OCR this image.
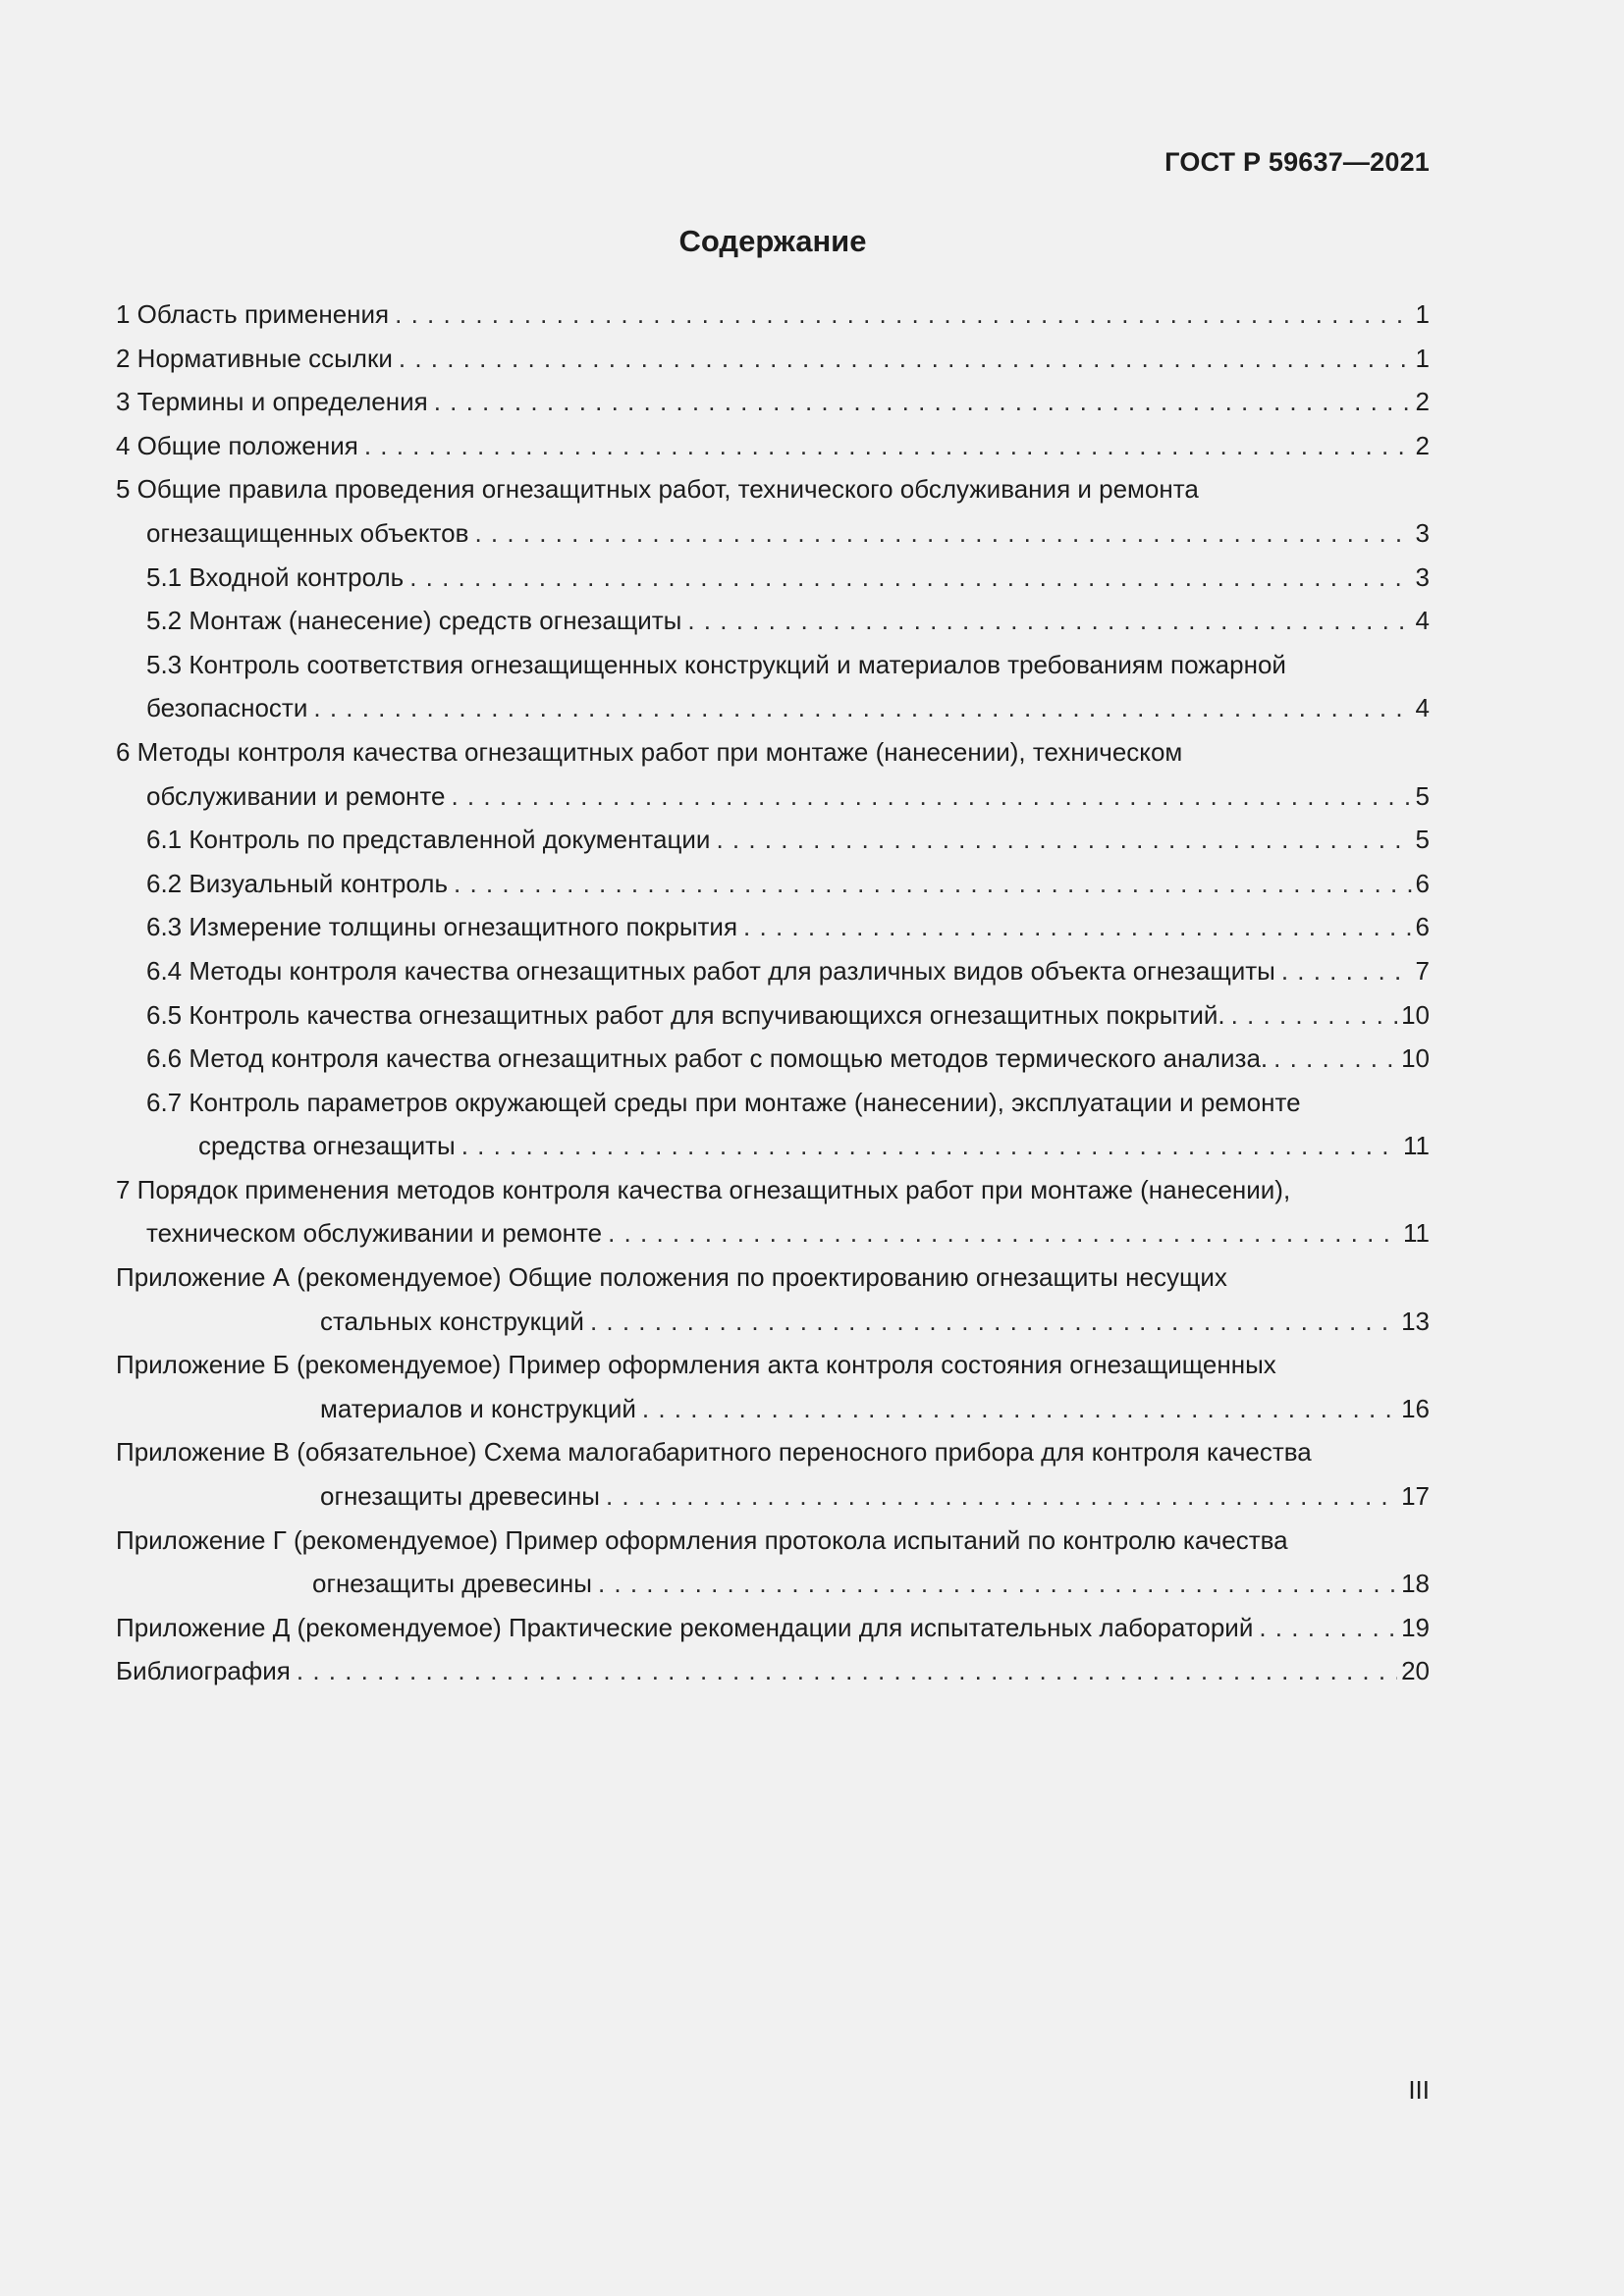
ГОСТ Р 59637—2021
Содержание
1 Область применения . . .	1
2 Нормативные ссылки . . .	1
3 Термины и определения . . .	2
4 Общие положения . . .	2
5 Общие правила проведения огнезащитных работ, технического обслуживания и ремонта
огнезащищенных объектов . . .	3
5.1 Входной контроль . . .	3
5.2 Монтаж (нанесение) средств огнезащиты . . .	4
5.3 Контроль соответствия огнезащищенных конструкций и материалов требованиям пожарной
безопасности . . .	4
6 Методы контроля качества огнезащитных работ при монтаже (нанесении), техническом
обслуживании и ремонте . . .	5
6.1 Контроль по представленной документации . . .	5
6.2 Визуальный контроль . . .	6
6.3 Измерение толщины огнезащитного покрытия . . .	6
6.4 Методы контроля качества огнезащитных работ для различных видов объекта огнезащиты . . .	7
6.5 Контроль качества огнезащитных работ для вспучивающихся огнезащитных покрытий. . . .	10
6.6 Метод контроля качества огнезащитных работ с помощью методов термического анализа. . . .	10
6.7 Контроль параметров окружающей среды при монтаже (нанесении), эксплуатации и ремонте
средства огнезащиты . . .	11
7 Порядок применения методов контроля качества огнезащитных работ при монтаже (нанесении),
техническом обслуживании и ремонте . . .	11
Приложение А (рекомендуемое) Общие положения по проектированию огнезащиты несущих
стальных конструкций . . .	13
Приложение Б (рекомендуемое) Пример оформления акта контроля состояния огнезащищенных
материалов и конструкций . . .	16
Приложение В (обязательное) Схема малогабаритного переносного прибора для контроля качества
огнезащиты древесины . . .	17
Приложение Г (рекомендуемое) Пример оформления протокола испытаний по контролю качества
огнезащиты древесины . . .	18
Приложение Д (рекомендуемое) Практические рекомендации для испытательных лабораторий . . .	19
Библиография . . .	20
III
